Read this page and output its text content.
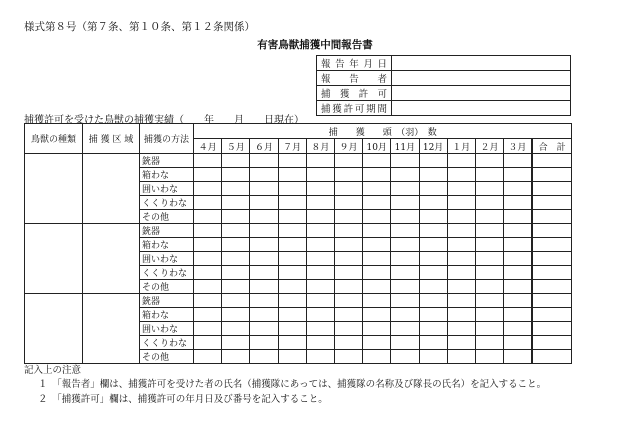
様式第８号（第７条、第１０条、第１２条関係）
有害鳥獣捕獲中間報告書
報告年月日	
報告者	
捕獲許可	
捕獲許可期間	
捕獲許可を受けた鳥獣の捕獲実績（　　年　　月　　日現在）
鳥獣の種類	捕 獲 区 域	捕獲の方法	捕　　獲　　頭　（羽）　数												
			４月	５月	６月	７月	８月	９月	10月	11月	12月	１月	２月	３月	合　計
		銃器													
		箱わな													
		囲いわな													
		くくりわな													
		その他													
		銃器													
		箱わな													
		囲いわな													
		くくりわな													
		その他													
		銃器													
		箱わな													
		囲いわな													
		くくりわな													
		その他													
記入上の注意
１　「報告者」欄は、捕獲許可を受けた者の氏名（捕獲隊にあっては、捕獲隊の名称及び隊長の氏名）を記入すること。
２　「捕獲許可」欄は、捕獲許可の年月日及び番号を記入すること。
